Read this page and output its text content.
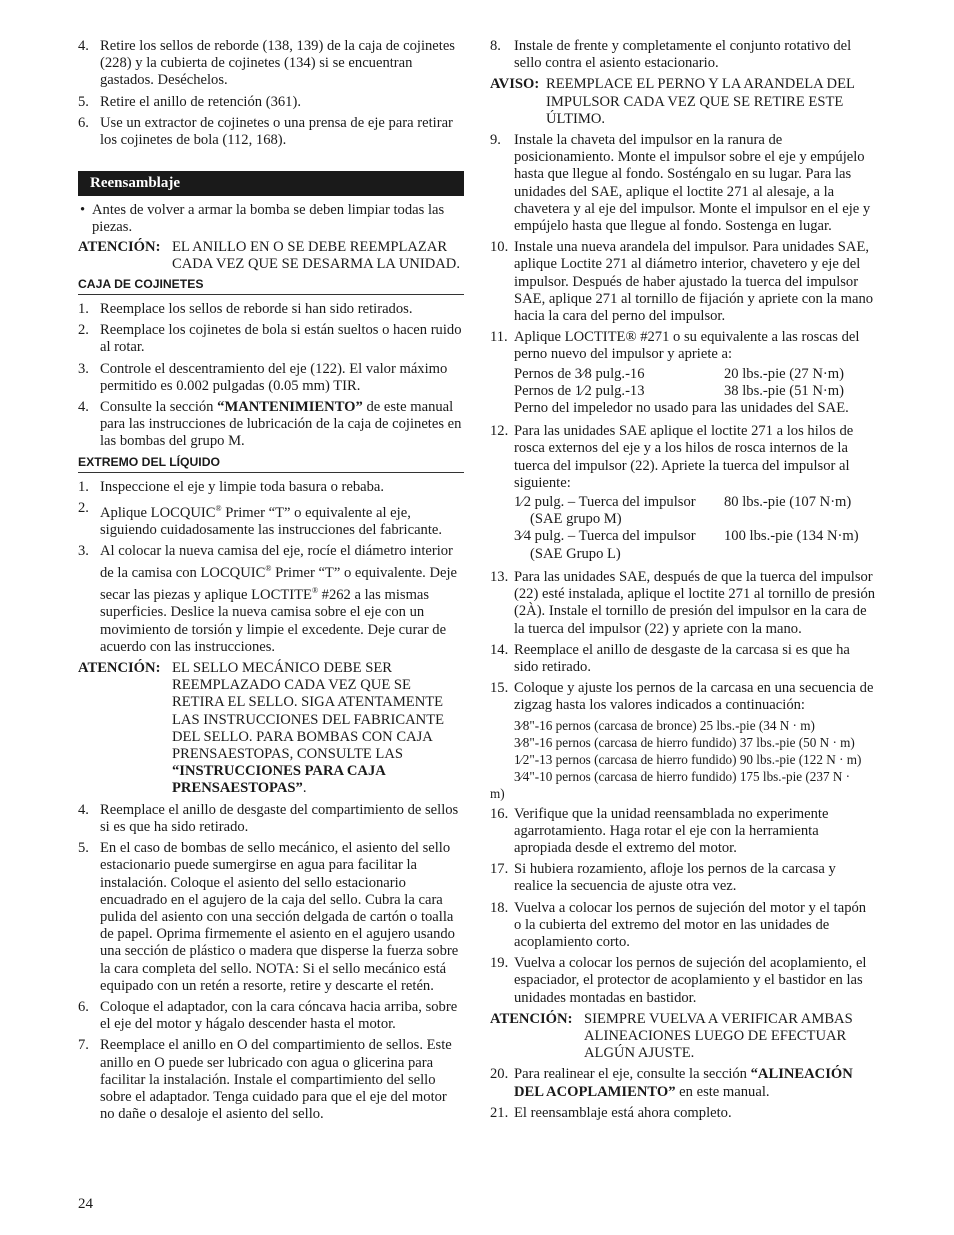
4. Retire los sellos de reborde (138, 139) de la caja de cojinetes (228) y la cubierta de cojinetes (134) si se encuentran gastados. Deséchelos.
5. Retire el anillo de retención (361).
6. Use un extractor de cojinetes o una prensa de eje para retirar los cojinetes de bola (112, 168).
Reensamblaje
• Antes de volver a armar la bomba se deben limpiar todas las piezas.
ATENCIÓN: EL ANILLO EN O SE DEBE REEMPLAZAR CADA VEZ QUE SE DESARMA LA UNIDAD.
CAJA DE COJINETES
1. Reemplace los sellos de reborde si han sido retirados.
2. Reemplace los cojinetes de bola si están sueltos o hacen ruido al rotar.
3. Controle el descentramiento del eje (122). El valor máximo permitido es 0.002 pulgadas (0.05 mm) TIR.
4. Consulte la sección “MANTENIMIENTO” de este manual para las instrucciones de lubricación de la caja de cojinetes en las bombas del grupo M.
EXTREMO DEL LÍQUIDO
1. Inspeccione el eje y limpie toda basura o rebaba.
2. Aplique LOCQUIC® Primer “T” o equivalente al eje, siguiendo cuidadosamente las instrucciones del fabricante.
3. Al colocar la nueva camisa del eje, rocíe el diámetro interior de la camisa con LOCQUIC® Primer “T” o equivalente. Deje secar las piezas y aplique LOCTITE® #262 a las mismas superficies. Deslice la nueva camisa sobre el eje con un movimiento de torsión y limpie el excedente. Deje curar de acuerdo con las instrucciones.
ATENCIÓN: EL SELLO MECÁNICO DEBE SER REEMPLAZADO CADA VEZ QUE SE RETIRA EL SELLO. SIGA ATENTAMENTE LAS INSTRUCCIONES DEL FABRICANTE DEL SELLO. PARA BOMBAS CON CAJA PRENSAESTOPAS, CONSULTE LAS “INSTRUCCIONES PARA CAJA PRENSAESTOPAS”.
4. Reemplace el anillo de desgaste del compartimiento de sellos si es que ha sido retirado.
5. En el caso de bombas de sello mecánico, el asiento del sello estacionario puede sumergirse en agua para facilitar la instalación. Coloque el asiento del sello estacionario encuadrado en el agujero de la caja del sello. Cubra la cara pulida del asiento con una sección delgada de cartón o toalla de papel. Oprima firmemente el asiento en el agujero usando una sección de plástico o madera que disperse la fuerza sobre la cara completa del sello. NOTA: Si el sello mecánico está equipado con un retén a resorte, retire y descarte el retén.
6. Coloque el adaptador, con la cara cóncava hacia arriba, sobre el eje del motor y hágalo descender hasta el motor.
7. Reemplace el anillo en O del compartimiento de sellos. Este anillo en O puede ser lubricado con agua o glicerina para facilitar la instalación. Instale el compartimiento del sello sobre el adaptador. Tenga cuidado para que el eje del motor no dañe o desaloje el asiento del sello.
8. Instale de frente y completamente el conjunto rotativo del sello contra el asiento estacionario.
AVISO: REEMPLACE EL PERNO Y LA ARANDELA DEL IMPULSOR CADA VEZ QUE SE RETIRE ESTE ÚLTIMO.
9. Instale la chaveta del impulsor en la ranura de posicionamiento. Monte el impulsor sobre el eje y empújelo hasta que llegue al fondo. Sosténgalo en su lugar. Para las unidades del SAE, aplique el loctite 271 al alesaje, a la chavetera y al eje del impulsor. Monte el impulsor en el eje y empújelo hasta que llegue al fondo. Sostenga en lugar.
10. Instale una nueva arandela del impulsor. Para unidades SAE, aplique Loctite 271 al diámetro interior, chavetero y eje del impulsor. Después de haber ajustado la tuerca del impulsor SAE, aplique 271 al tornillo de fijación y apriete con la mano hacia la cara del perno del impulsor.
11. Aplique LOCTITE® #271 o su equivalente a las roscas del perno nuevo del impulsor y apriete a:
Pernos de 3⁄8 pulg.-16	20 lbs.-pie (27 N·m)
Pernos de 1⁄2 pulg.-13	38 lbs.-pie (51 N·m)
Perno del impeledor no usado para las unidades del SAE.
12. Para las unidades SAE aplique el loctite 271 a los hilos de rosca externos del eje y a los hilos de rosca internos de la tuerca del impulsor (22). Apriete la tuerca del impulsor al siguiente:
1⁄2 pulg. – Tuerca del impulsor
(SAE grupo M)
80 lbs.-pie (107 N·m)
3⁄4 pulg. – Tuerca del impulsor
(SAE Grupo L)
100 lbs.-pie (134 N·m)
13. Para las unidades SAE, después de que la tuerca del impulsor (22) esté instalada, aplique el loctite 271 al tornillo de presión (2À). Instale el tornillo de presión del impulsor en la cara de la tuerca del impulsor (22) y apriete con la mano.
14. Reemplace el anillo de desgaste de la carcasa si es que ha sido retirado.
15. Coloque y ajuste los pernos de la carcasa en una secuencia de zigzag hasta los valores indicados a continuación:
3⁄8"-16 pernos (carcasa de bronce) 25 lbs.-pie (34 N · m)
3⁄8"-16 pernos (carcasa de hierro fundido) 37 lbs.-pie (50 N · m)
1⁄2"-13 pernos (carcasa de hierro fundido) 90 lbs.-pie (122 N · m)
3⁄4"-10 pernos (carcasa de hierro fundido) 175 lbs.-pie (237 N ·
m)
16. Verifique que la unidad reensamblada no experimente agarrotamiento. Haga rotar el eje con la herramienta apropiada desde el extremo del motor.
17. Si hubiera rozamiento, afloje los pernos de la carcasa y realice la secuencia de ajuste otra vez.
18. Vuelva a colocar los pernos de sujeción del motor y el tapón o la cubierta del extremo del motor en las unidades de acoplamiento corto.
19. Vuelva a colocar los pernos de sujeción del acoplamiento, el espaciador, el protector de acoplamiento y el bastidor en las unidades montadas en bastidor.
ATENCIÓN: SIEMPRE VUELVA A VERIFICAR AMBAS ALINEACIONES LUEGO DE EFECTUAR ALGÚN AJUSTE.
20. Para realinear el eje, consulte la sección “ALINEACIÓN DEL ACOPLAMIENTO” en este manual.
21. El reensamblaje está ahora completo.
24
